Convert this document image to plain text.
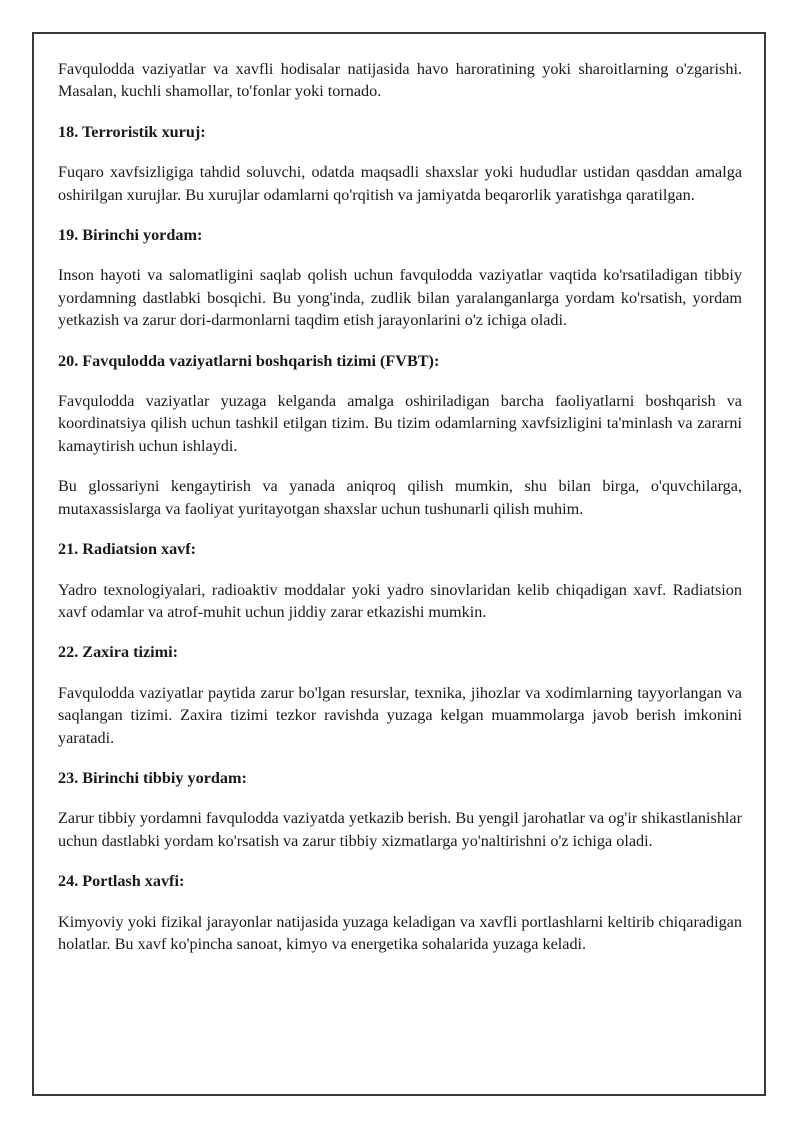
Favqulodda vaziyatlar va xavfli hodisalar natijasida havo haroratining yoki sharoitlarning o'zgarishi. Masalan, kuchli shamollar, to'fonlar yoki tornado.

18. Terroristik xuruj:

Fuqaro xavfsizligiga tahdid soluvchi, odatda maqsadli shaxslar yoki hududlar ustidan qasddan amalga oshirilgan xurujlar. Bu xurujlar odamlarni qo'rqitish va jamiyatda beqarorlik yaratishga qaratilgan.

19. Birinchi yordam:

Inson hayoti va salomatligini saqlab qolish uchun favqulodda vaziyatlar vaqtida ko'rsatiladigan tibbiy yordamning dastlabki bosqichi. Bu yong'inda, zudlik bilan yaralanganlarga yordam ko'rsatish, yordam yetkazish va zarur dori-darmonlarni taqdim etish jarayonlarini o'z ichiga oladi.

20. Favqulodda vaziyatlarni boshqarish tizimi (FVBT):

Favqulodda vaziyatlar yuzaga kelganda amalga oshiriladigan barcha faoliyatlarni boshqarish va koordinatsiya qilish uchun tashkil etilgan tizim. Bu tizim odamlarning xavfsizligini ta'minlash va zararni kamaytirish uchun ishlaydi.

Bu glossariyni kengaytirish va yanada aniqroq qilish mumkin, shu bilan birga, o'quvchilarga, mutaxassislarga va faoliyat yuritayotgan shaxslar uchun tushunarli qilish muhim.

21. Radiatsion xavf:

Yadro texnologiyalari, radioaktiv moddalar yoki yadro sinovlaridan kelib chiqadigan xavf. Radiatsion xavf odamlar va atrof-muhit uchun jiddiy zarar etkazishi mumkin.

22. Zaxira tizimi:

Favqulodda vaziyatlar paytida zarur bo'lgan resurslar, texnika, jihozlar va xodimlarning tayyorlangan va saqlangan tizimi. Zaxira tizimi tezkor ravishda yuzaga kelgan muammolarga javob berish imkonini yaratadi.

23. Birinchi tibbiy yordam:

Zarur tibbiy yordamni favqulodda vaziyatda yetkazib berish. Bu yengil jarohatlar va og'ir shikastlanishlar uchun dastlabki yordam ko'rsatish va zarur tibbiy xizmatlarga yo'naltirishni o'z ichiga oladi.

24. Portlash xavfi:

Kimyoviy yoki fizikal jarayonlar natijasida yuzaga keladigan va xavfli portlashlarni keltirib chiqaradigan holatlar. Bu xavf ko'pincha sanoat, kimyo va energetika sohalarida yuzaga keladi.
